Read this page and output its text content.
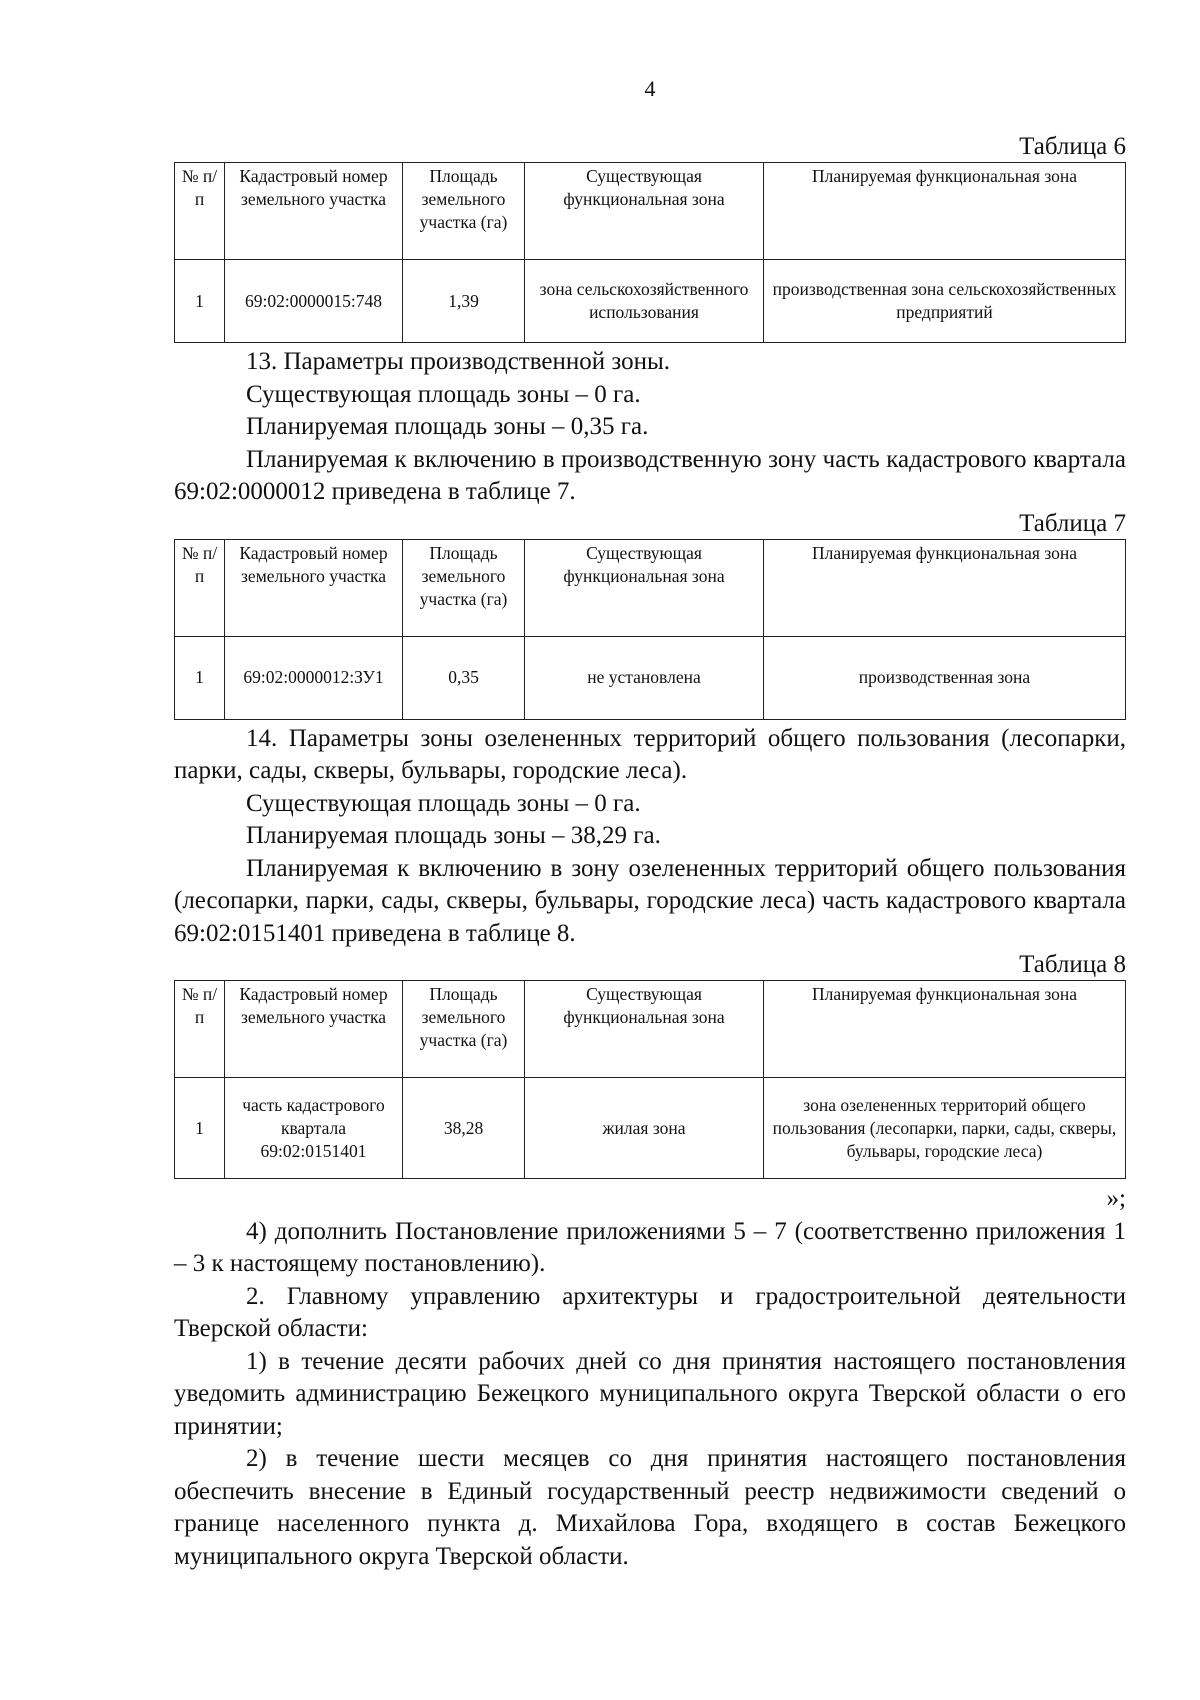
4
Таблица 6
№ п/п	Кадастровый номер земельного участка	Площадь земельного участка (га)	Существующая функциональная зона	Планируемая функциональная зона
1	69:02:0000015:748	1,39	зона сельскохозяйственного использования	производственная зона сельскохозяйственных предприятий

13. Параметры производственной зоны.

Существующая площадь зоны – 0 га.

Планируемая площадь зоны – 0,35 га.

Планируемая к включению в производственную зону часть кадастрового квартала 69:02:0000012 приведена в таблице 7.

Таблица 7
№ п/п	Кадастровый номер земельного участка	Площадь земельного участка (га)	Существующая функциональная зона	Планируемая функциональная зона
1	69:02:0000012:ЗУ1	0,35	не установлена	производственная зона

14. Параметры зоны озелененных территорий общего пользования (лесопарки, парки, сады, скверы, бульвары, городские леса).

Существующая площадь зоны – 0 га.

Планируемая площадь зоны – 38,29 га.

Планируемая к включению в зону озелененных территорий общего пользования (лесопарки, парки, сады, скверы, бульвары, городские леса) часть кадастрового квартала 69:02:0151401 приведена в таблице 8.

Таблица 8
№ п/п	Кадастровый номер земельного участка	Площадь земельного участка (га)	Существующая функциональная зона	Планируемая функциональная зона
1	часть кадастрового квартала 69:02:0151401	38,28	жилая зона	зона озелененных территорий общего пользования (лесопарки, парки, сады, скверы, бульвары, городские леса)

»;

4) дополнить Постановление приложениями 5 – 7 (соответственно приложения 1 – 3 к настоящему постановлению).

2. Главному управлению архитектуры и градостроительной деятельности Тверской области:

1) в течение десяти рабочих дней со дня принятия настоящего постановления уведомить администрацию Бежецкого муниципального округа Тверской области о его принятии;

2) в течение шести месяцев со дня принятия настоящего постановления обеспечить внесение в Единый государственный реестр недвижимости сведений о границе населенного пункта д. Михайлова Гора, входящего в состав Бежецкого муниципального округа Тверской области.
